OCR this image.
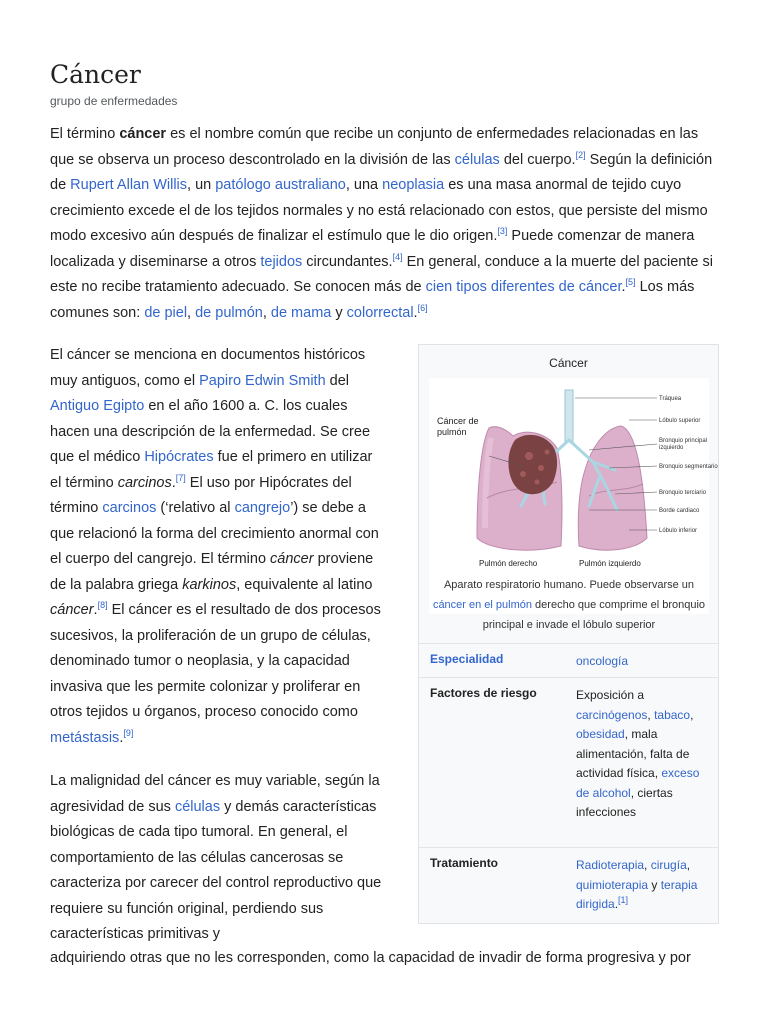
Cáncer
grupo de enfermedades

El término cáncer es el nombre común que recibe un conjunto de enfermedades relacionadas en las que se observa un proceso descontrolado en la división de las células del cuerpo.[2] Según la definición de Rupert Allan Willis, un patólogo australiano, una neoplasia es una masa anormal de tejido cuyo crecimiento excede el de los tejidos normales y no está relacionado con estos, que persiste del mismo modo excesivo aún después de finalizar el estímulo que le dio origen.[3] Puede comenzar de manera localizada y diseminarse a otros tejidos circundantes.[4] En general, conduce a la muerte del paciente si este no recibe tratamiento adecuado. Se conocen más de cien tipos diferentes de cáncer.[5] Los más comunes son: de piel, de pulmón, de mama y colorrectal.[6]

El cáncer se menciona en documentos históricos muy antiguos, como el Papiro Edwin Smith del Antiguo Egipto en el año 1600 a. C. los cuales hacen una descripción de la enfermedad. Se cree que el médico Hipócrates fue el primero en utilizar el término carcinos.[7] El uso por Hipócrates del término carcinos (‘relativo al cangrejo’) se debe a que relacionó la forma del crecimiento anormal con el cuerpo del cangrejo. El término cáncer proviene de la palabra griega karkinos, equivalente al latino cáncer.[8] El cáncer es el resultado de dos procesos sucesivos, la proliferación de un grupo de células, denominado tumor o neoplasia, y la capacidad invasiva que les permite colonizar y proliferar en otros tejidos u órganos, proceso conocido como metástasis.[9]

La malignidad del cáncer es muy variable, según la agresividad de sus células y demás características biológicas de cada tipo tumoral. En general, el comportamiento de las células cancerosas se caracteriza por carecer del control reproductivo que requiere su función original, perdiendo sus características primitivas y

adquiriendo otras que no les corresponden, como la capacidad de invadir de forma progresiva y por

Cáncer
Cáncer de
pulmón
Tráquea
Lóbulo superior
Bronquio principal
izquierdo
Bronquio segmentario
Bronquio terciario
Borde cardiaco
Lóbulo inferior
Pulmón derecho	Pulmón izquierdo
Aparato respiratorio humano. Puede observarse un cáncer en el pulmón derecho que comprime el bronquio principal e invade el lóbulo superior
Especialidad	oncología
Factores de riesgo	Exposición a carcinógenos, tabaco, obesidad, mala alimentación, falta de actividad física, exceso de alcohol, ciertas infecciones
Tratamiento	Radioterapia, cirugía, quimioterapia y terapia dirigida.[1]
